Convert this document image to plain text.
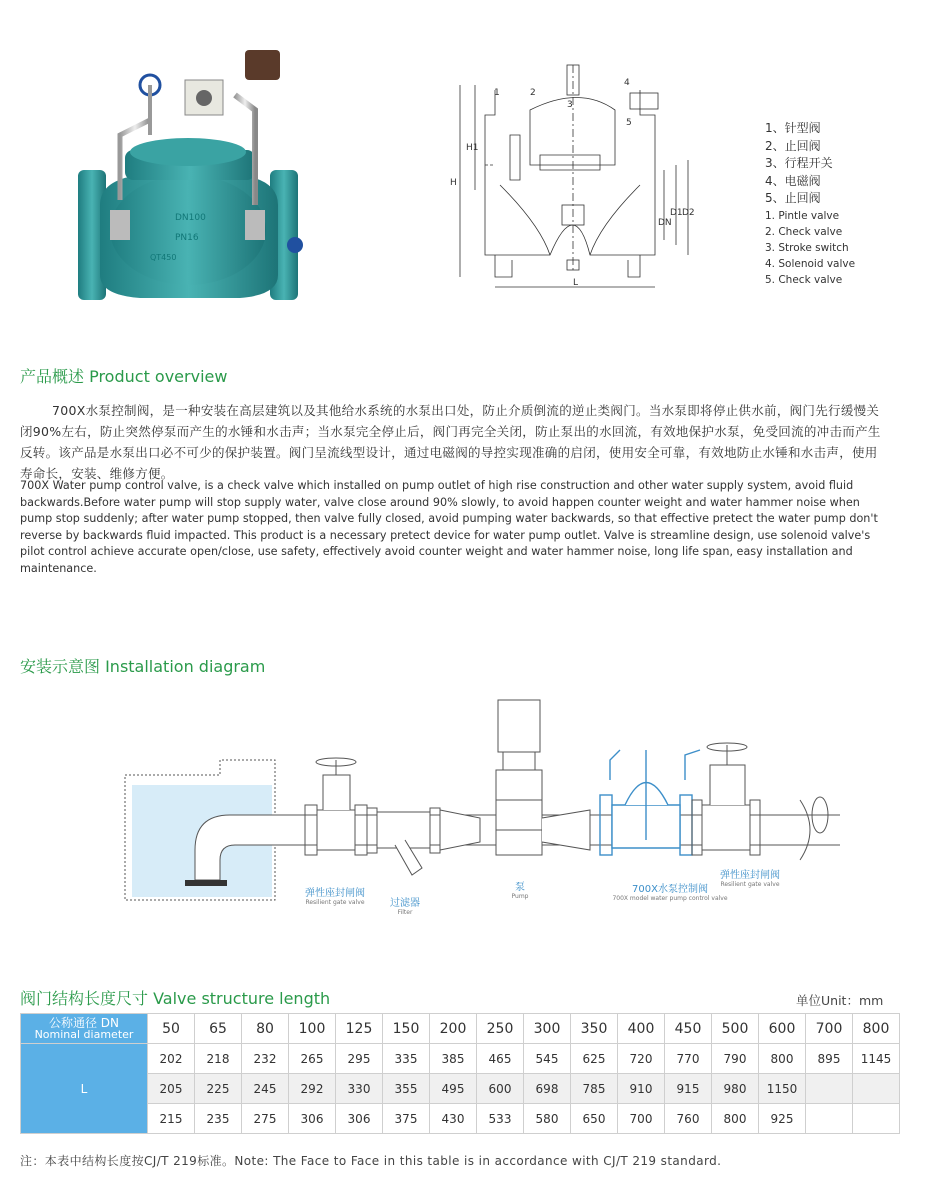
DN100
PN16
QT450
1	2
3
4
5
H
H1
DN
D1 D2
L
1、针型阀
2、止回阀
3、行程开关
4、电磁阀
5、止回阀
1. Pintle valve
2. Check valve
3. Stroke switch
4. Solenoid valve
5. Check valve
产品概述 Product overview
700X水泵控制阀，是一种安装在高层建筑以及其他给水系统的水泵出口处，防止介质倒流的逆止类阀门。当水泵即将停止供水前，阀门先行缓慢关闭90%左右，防止突然停泵而产生的水锤和水击声；当水泵完全停止后，阀门再完全关闭，防止泵出的水回流，有效地保护水泵，免受回流的冲击而产生反转。该产品是水泵出口必不可少的保护装置。阀门呈流线型设计，通过电磁阀的导控实现准确的启闭，使用安全可靠，有效地防止水锤和水击声，使用寿命长，安装、维修方便。
700X Water pump control valve, is a check valve which installed on pump outlet of high rise construction and other water supply system, avoid fluid backwards.Before water pump will stop supply water, valve close around 90% slowly, to avoid happen counter weight and water hammer noise when pump stop suddenly; after water pump stopped, then valve fully closed, avoid pumping water backwards, so that effective pretect the water pump don't reverse by backwards fluid impacted. This product is a necessary pretect device for water pump outlet. Valve is streamline design, use solenoid valve's pilot control achieve accurate open/close, use safety, effectively avoid counter weight and water hammer noise, long life span, easy installation and maintenance.
安装示意图 Installation diagram
弹性座封闸阀
Resilient gate valve	过滤器
Filter
泵
Pump
700X水泵控制阀
700X model water pump control valve
弹性座封闸阀
Resilient gate valve
阀门结构长度尺寸 Valve structure length	单位Unit：mm
公称通径 DN
Nominal diameter	50	65	80	100	125	150	200	250	300	350	400	450	500	600	700	800
L	202	218	232	265	295	335	385	465	545	625	720	770	790	800	895	1145
	205	225	245	292	330	355	495	600	698	785	910	915	980	1150		
	215	235	275	306	306	375	430	533	580	650	700	760	800	925		
注：本表中结构长度按CJ/T 219标准。Note: The Face to Face in this table is in accordance with CJ/T 219 standard.
